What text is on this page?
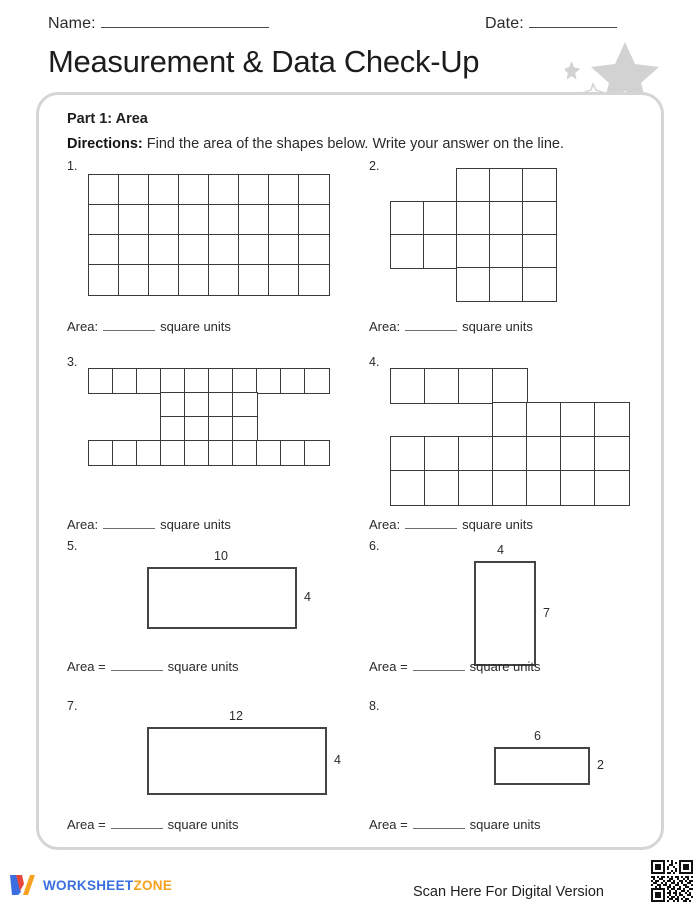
Name:	Date:
Measurement & Data Check-Up
Part 1: Area
Directions: Find the area of the shapes below. Write your answer on the line.
1.
Area:	square units
2.
Area:	square units
3.
Area:	square units
4.
Area:	square units
5.
10
4
Area =	square units
6.	4
7
Area =	square units
7.
12
4
Area =	square units
8.
6
2
Area =	square units
WORKSHEETZONE	Scan Here For Digital Version
